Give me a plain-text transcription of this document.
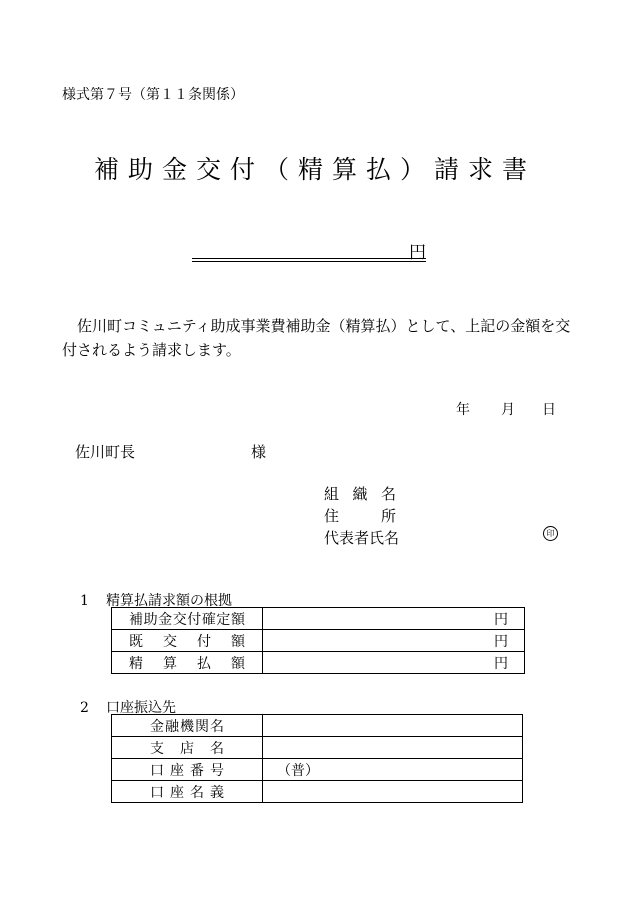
様式第７号（第１１条関係）
補助金交付（精算払）請求書
円
佐川町コミュニティ助成事業費補助金（精算払）として、上記の金額を交付されるよう請求します。
年 月 日
佐川町長	様
組織名
住所
代表者氏名	印
1 精算払請求額の根拠
補助金交付確定額	円
既交付額	円
精算払額	円
2 口座振込先
金融機関名	
支店名	
口座番号	（普）
口座名義	
